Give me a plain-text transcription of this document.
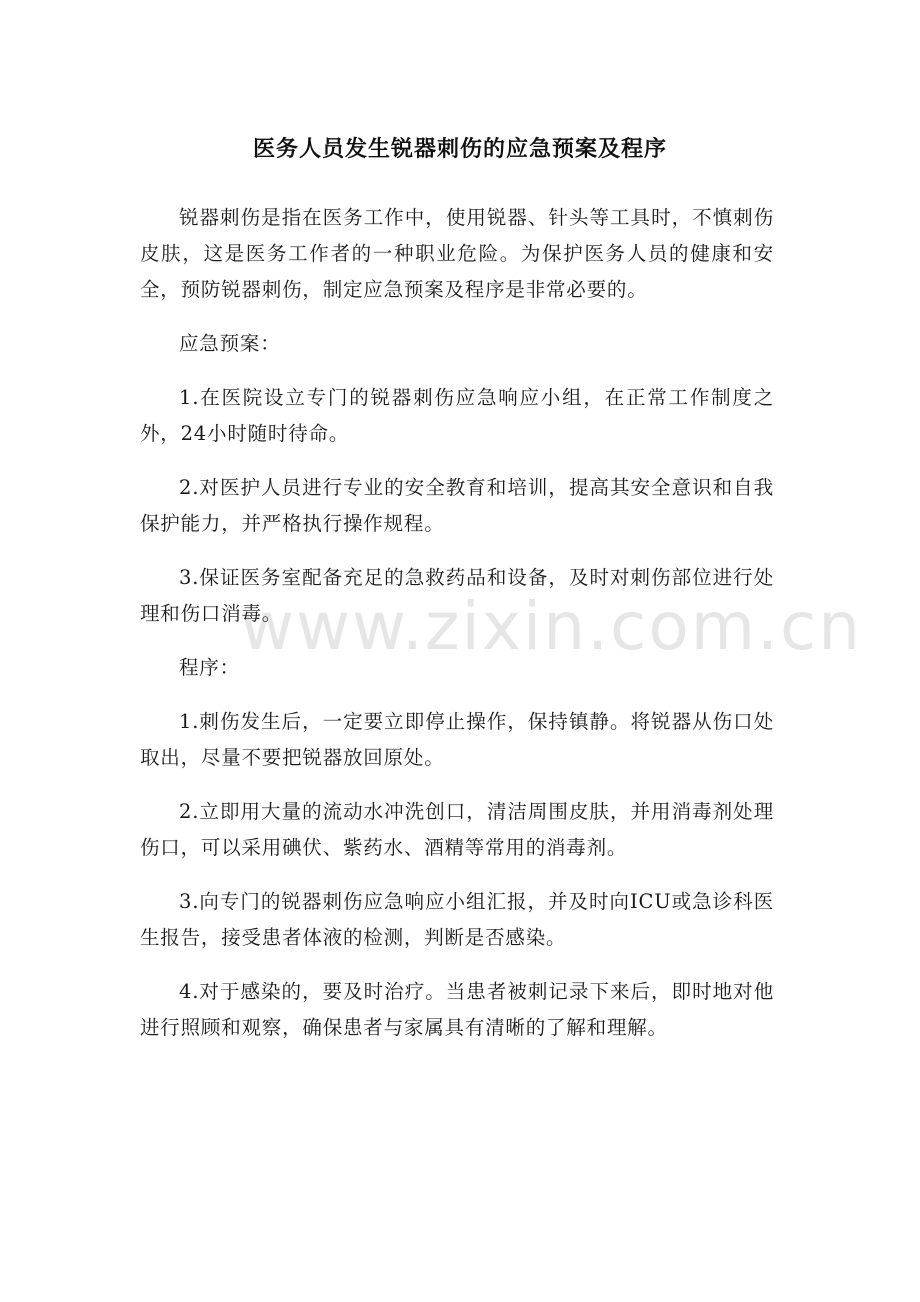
www.zixin.com.cn
医务人员发生锐器刺伤的应急预案及程序

锐器刺伤是指在医务工作中，使用锐器、针头等工具时，不慎刺伤皮肤，这是医务工作者的一种职业危险。为保护医务人员的健康和安全，预防锐器刺伤，制定应急预案及程序是非常必要的。

应急预案：

1.在医院设立专门的锐器刺伤应急响应小组，在正常工作制度之外，24小时随时待命。

2.对医护人员进行专业的安全教育和培训，提高其安全意识和自我保护能力，并严格执行操作规程。

3.保证医务室配备充足的急救药品和设备，及时对刺伤部位进行处理和伤口消毒。

程序：

1.刺伤发生后，一定要立即停止操作，保持镇静。将锐器从伤口处取出，尽量不要把锐器放回原处。

2.立即用大量的流动水冲洗创口，清洁周围皮肤，并用消毒剂处理伤口，可以采用碘伏、紫药水、酒精等常用的消毒剂。

3.向专门的锐器刺伤应急响应小组汇报，并及时向ICU或急诊科医生报告，接受患者体液的检测，判断是否感染。

4.对于感染的，要及时治疗。当患者被刺记录下来后，即时地对他进行照顾和观察，确保患者与家属具有清晰的了解和理解。
